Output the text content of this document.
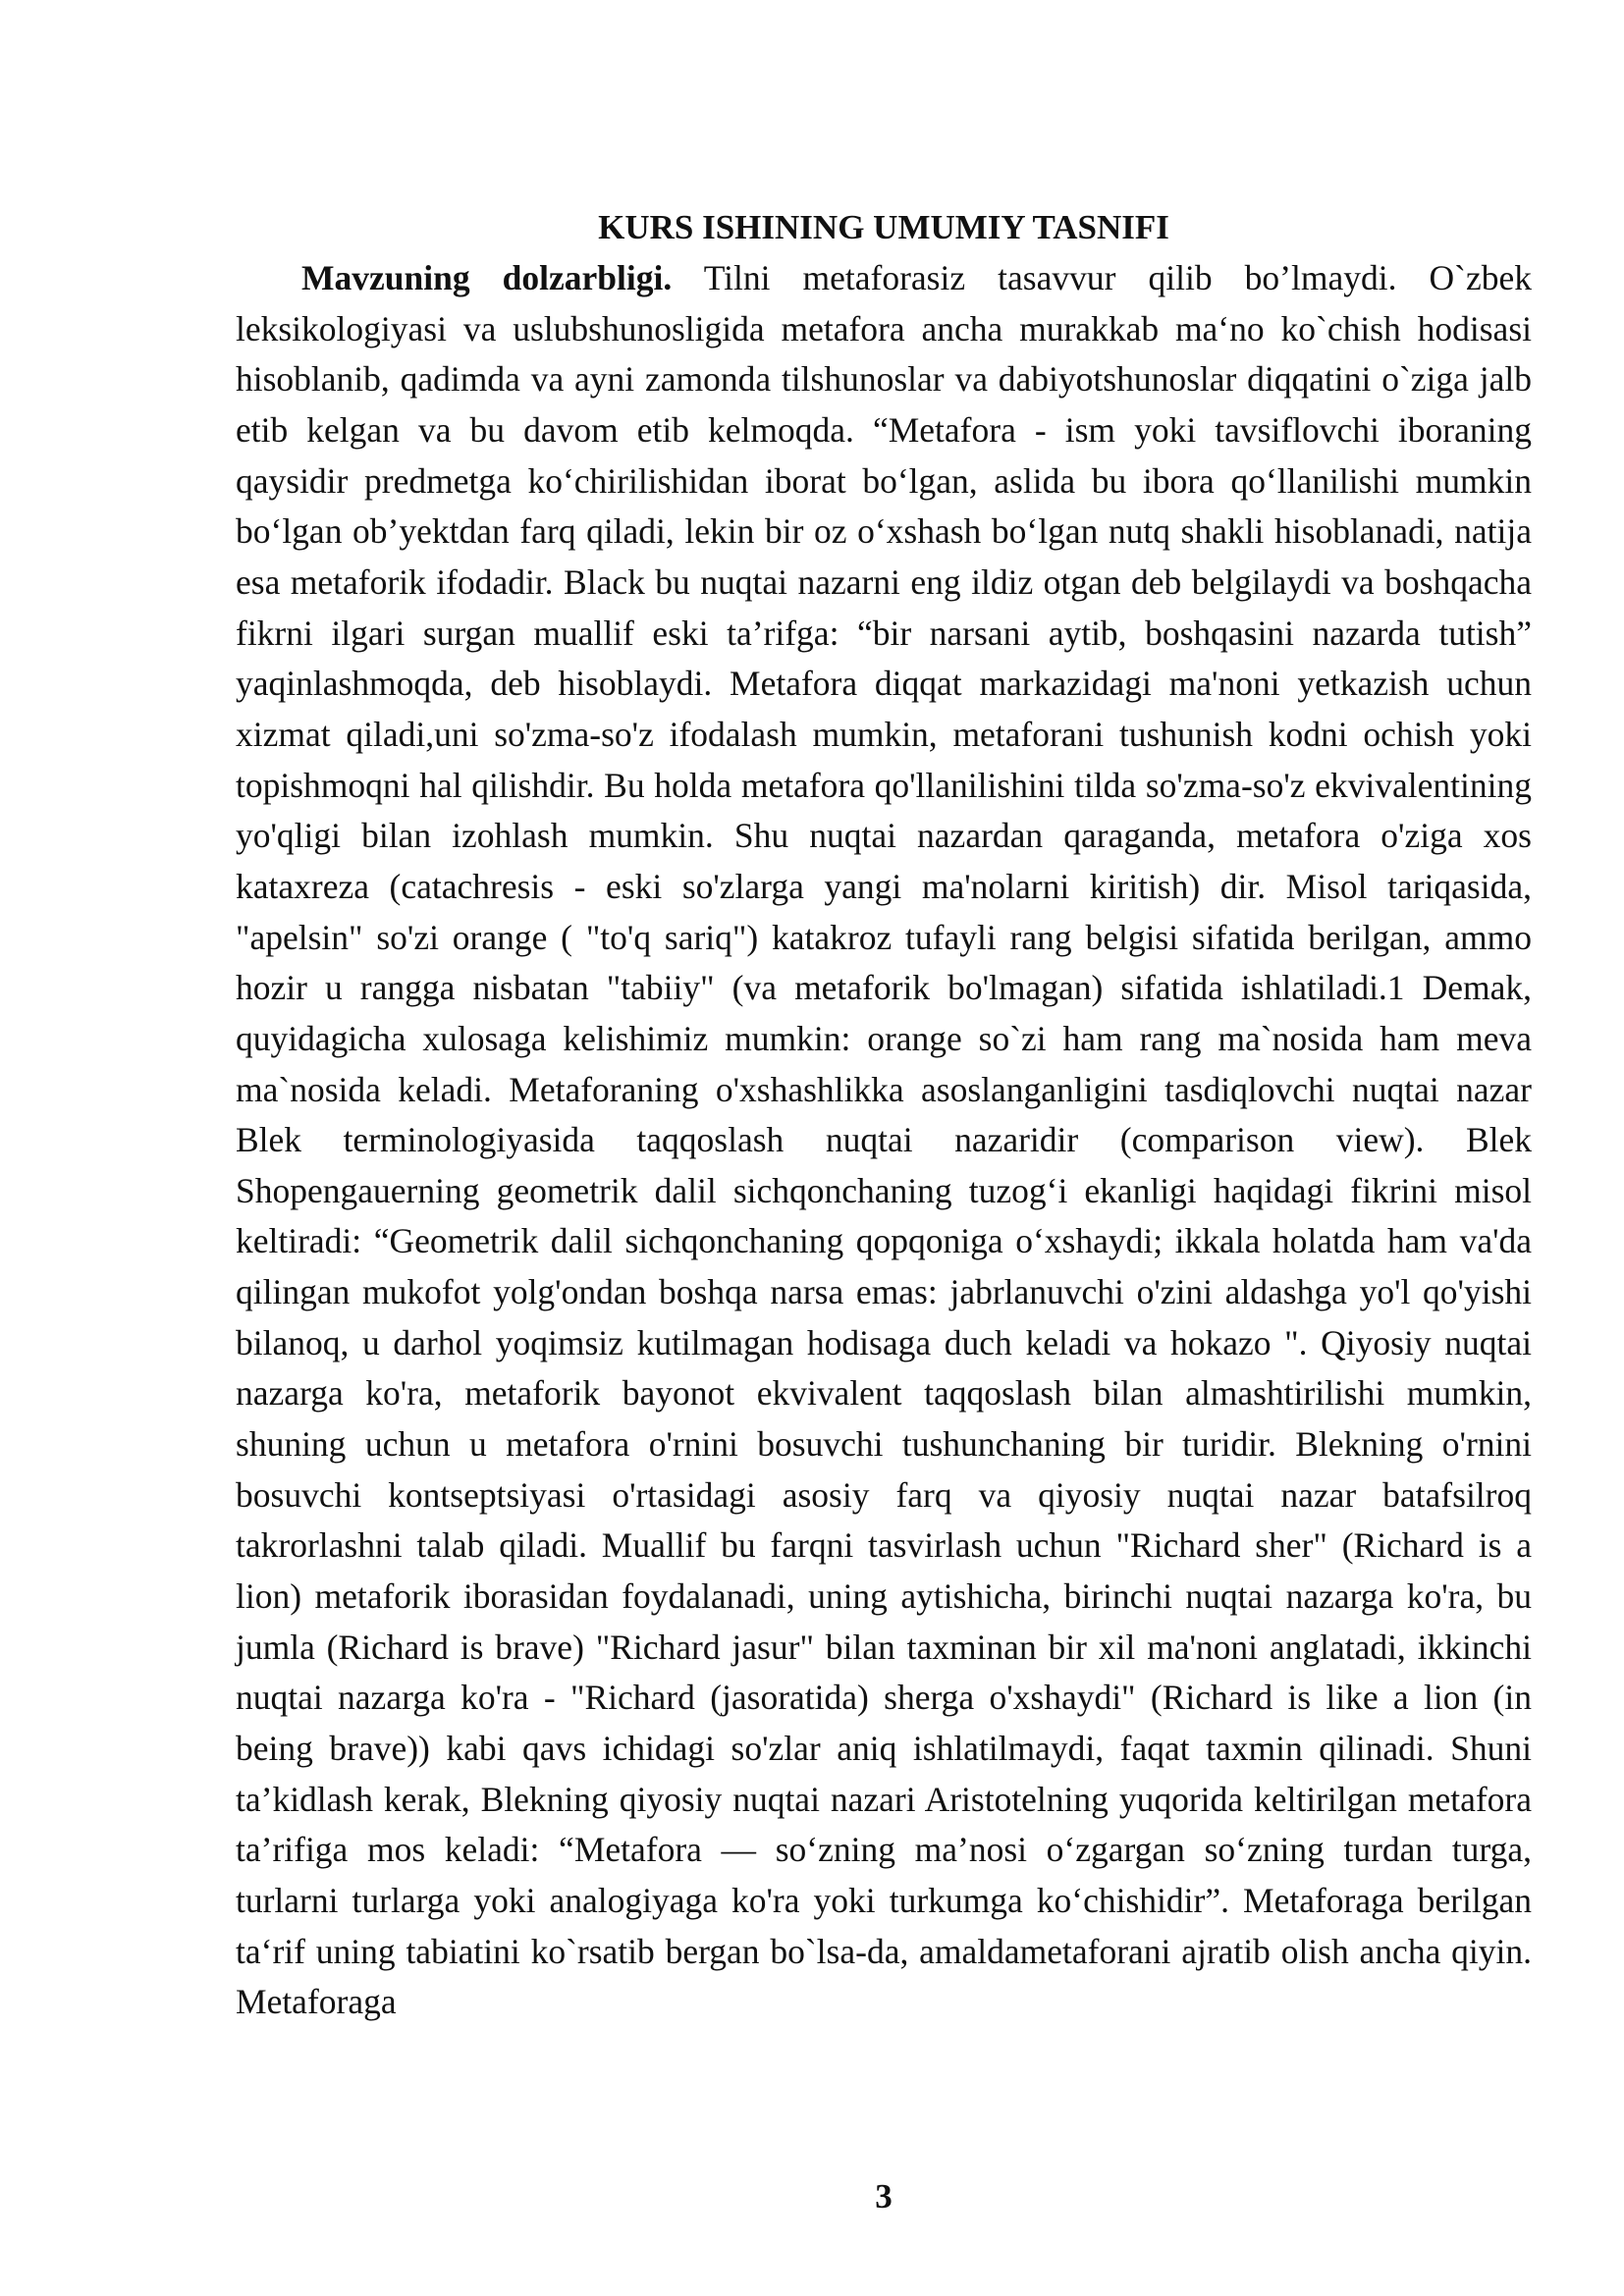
KURS ISHINING UMUMIY TASNIFI

Mavzuning dolzarbligi. Tilni metaforasiz tasavvur qilib bo’lmaydi. O`zbek leksikologiyasi va uslubshunosligida metafora ancha murakkab ma‘no ko`chish hodisasi hisoblanib, qadimda va ayni zamonda tilshunoslar va dabiyotshunoslar diqqatini o`ziga jalb etib kelgan va bu davom etib kelmoqda. “Metafora - ism yoki tavsiflovchi iboraning qaysidir predmetga ko‘chirilishidan iborat bo‘lgan, aslida bu ibora qo‘llanilishi mumkin bo‘lgan ob’yektdan farq qiladi, lekin bir oz o‘xshash bo‘lgan nutq shakli hisoblanadi, natija esa metaforik ifodadir. Black bu nuqtai nazarni eng ildiz otgan deb belgilaydi va boshqacha fikrni ilgari surgan muallif eski ta’rifga: “bir narsani aytib, boshqasini nazarda tutish” yaqinlashmoqda, deb hisoblaydi. Metafora diqqat markazidagi ma'noni yetkazish uchun xizmat qiladi,uni so'zma-so'z ifodalash mumkin, metaforani tushunish kodni ochish yoki topishmoqni hal qilishdir. Bu holda metafora qo'llanilishini tilda so'zma-so'z ekvivalentining yo'qligi bilan izohlash mumkin. Shu nuqtai nazardan qaraganda, metafora o'ziga xos kataxreza (catachresis - eski so'zlarga yangi ma'nolarni kiritish) dir. Misol tariqasida, "apelsin" so'zi orange ( "to'q sariq") katakroz tufayli rang belgisi sifatida berilgan, ammo hozir u rangga nisbatan "tabiiy" (va metaforik bo'lmagan) sifatida ishlatiladi.1 Demak, quyidagicha xulosaga kelishimiz mumkin: orange so`zi ham rang ma`nosida ham meva ma`nosida keladi. Metaforaning o'xshashlikka asoslanganligini tasdiqlovchi nuqtai nazar Blek terminologiyasida taqqoslash nuqtai nazaridir (comparison view). Blek Shopengauerning geometrik dalil sichqonchaning tuzog‘i ekanligi haqidagi fikrini misol keltiradi: “Geometrik dalil sichqonchaning qopqoniga o‘xshaydi; ikkala holatda ham va'da qilingan mukofot yolg'ondan boshqa narsa emas: jabrlanuvchi o'zini aldashga yo'l qo'yishi bilanoq, u darhol yoqimsiz kutilmagan hodisaga duch keladi va hokazo ". Qiyosiy nuqtai nazarga ko'ra, metaforik bayonot ekvivalent taqqoslash bilan almashtirilishi mumkin, shuning uchun u metafora o'rnini bosuvchi tushunchaning bir turidir. Blekning o'rnini bosuvchi kontseptsiyasi o'rtasidagi asosiy farq va qiyosiy nuqtai nazar batafsilroq takrorlashni talab qiladi. Muallif bu farqni tasvirlash uchun "Richard sher" (Richard is a lion) metaforik iborasidan foydalanadi, uning aytishicha, birinchi nuqtai nazarga ko'ra, bu jumla (Richard is brave) "Richard jasur" bilan taxminan bir xil ma'noni anglatadi, ikkinchi nuqtai nazarga ko'ra - "Richard (jasoratida) sherga o'xshaydi" (Richard is like a lion (in being brave)) kabi qavs ichidagi so'zlar aniq ishlatilmaydi, faqat taxmin qilinadi. Shuni ta’kidlash kerak, Blekning qiyosiy nuqtai nazari Aristotelning yuqorida keltirilgan metafora ta’rifiga mos keladi: “Metafora — so‘zning ma’nosi o‘zgargan so‘zning turdan turga, turlarni turlarga yoki analogiyaga ko'ra yoki turkumga ko‘chishidir”. Metaforaga berilgan ta‘rif uning tabiatini ko`rsatib bergan bo`lsa-da, amaldametaforani ajratib olish ancha qiyin. Metaforaga

3
